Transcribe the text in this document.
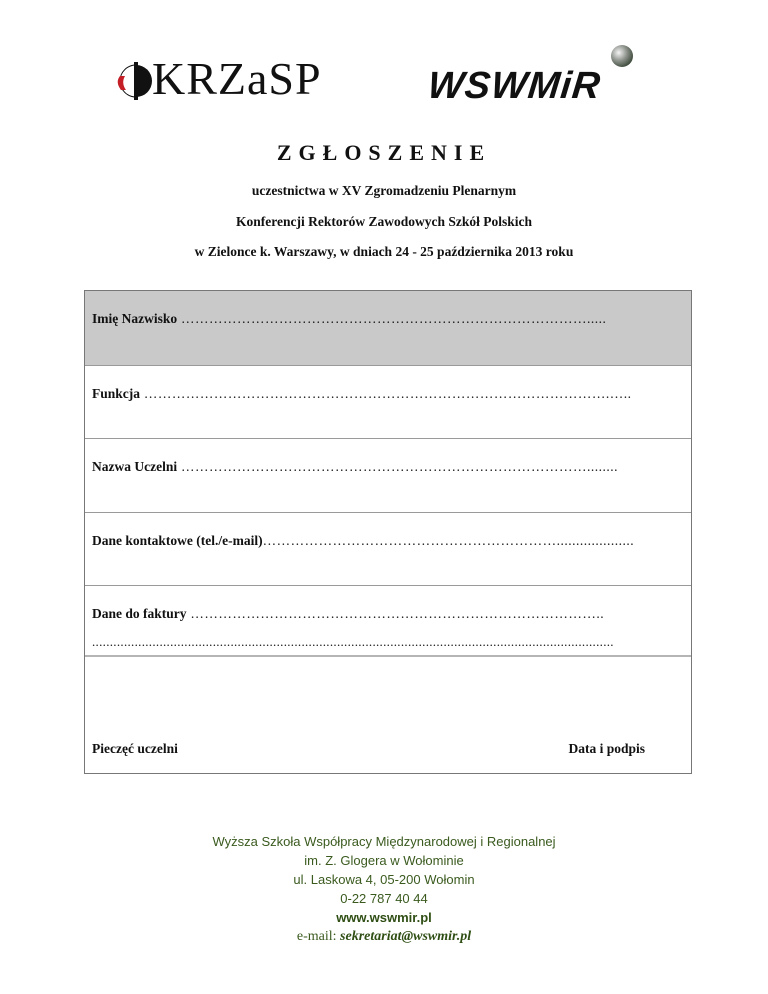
KRZaSP	WSWMiR
ZGŁOSZENIE
uczestnictwa w XV Zgromadzeniu Plenarnym
Konferencji Rektorów Zawodowych Szkół Polskich
w Zielonce k. Warszawy, w dniach 24 - 25 października 2013 roku
Imię Nazwisko …………………………………………………………………………….....
Funkcja ……………………………………………………………………………………….…..
Nazwa Uczelni ……………………………………………………………………………........
Dane kontaktowe (tel./e-mail)………………………………………………………....................
Dane do faktury ……………………………………………………………………………..
...................................................................................................................................................
Pieczęć uczelni	Data i podpis
Wyższa Szkoła Współpracy Międzynarodowej i Regionalnej
im. Z. Glogera w Wołominie
ul. Laskowa 4, 05-200 Wołomin
0-22 787 40 44
www.wswmir.pl
e-mail: sekretariat@wswmir.pl
